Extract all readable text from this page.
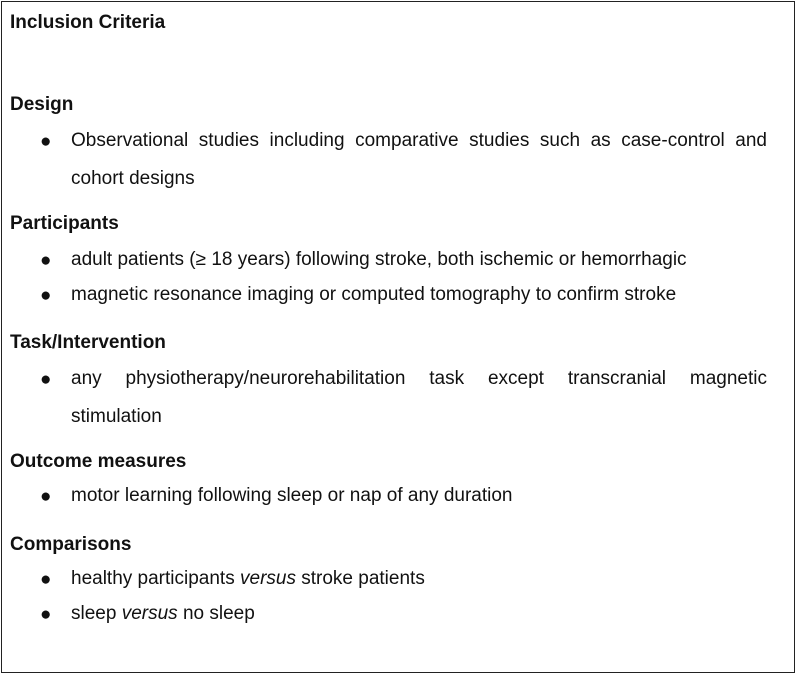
Inclusion Criteria
Design
● Observational studies including comparative studies such as case-control and cohort designs
Participants
● adult patients (≥ 18 years) following stroke, both ischemic or hemorrhagic
● magnetic resonance imaging or computed tomography to confirm stroke
Task/Intervention
● any physiotherapy/neurorehabilitation task except transcranial magnetic stimulation
Outcome measures
● motor learning following sleep or nap of any duration
Comparisons
● healthy participants versus stroke patients
● sleep versus no sleep
